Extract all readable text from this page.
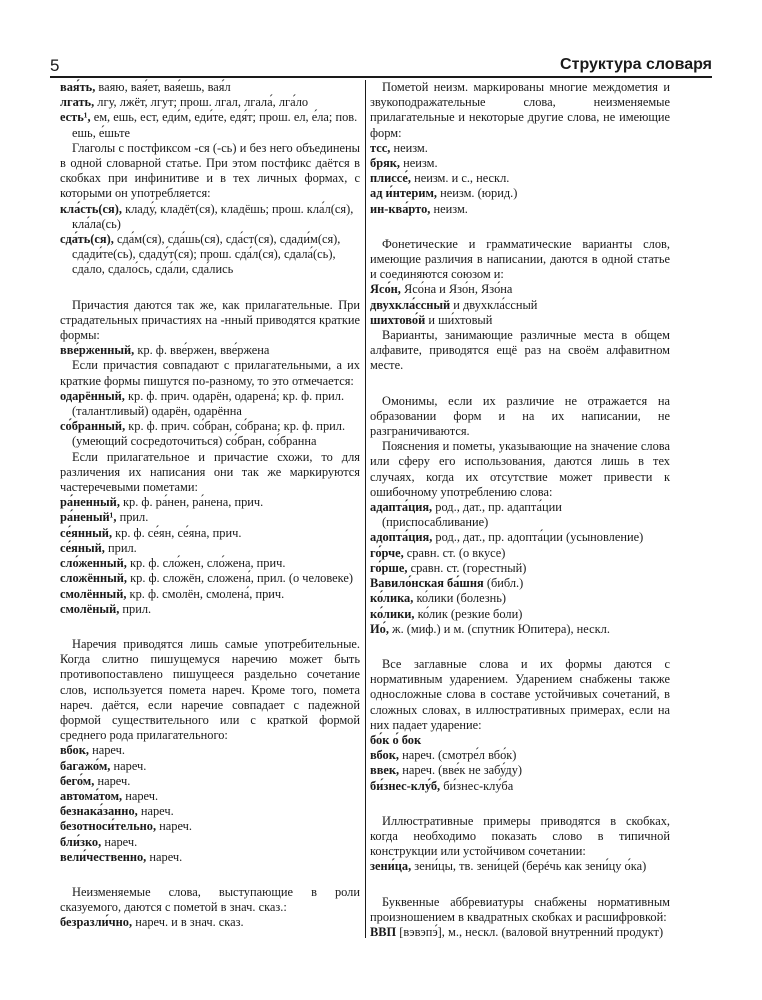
5	Структура словаря
вая́ть, ваяю, вая́ет, вая́ешь, вая́л
лгать, лгу, лжёт, лгут; прош. лгал, лгала́, лга́ло
есть¹, ем, ешь, ест, еди́м, еди́те, едя́т; прош. ел, е́ла; пов. ешь, е́шьте

Глаголы с постфиксом -ся (-сь) и без него объединены в одной словарной статье. При этом постфикс даётся в скобках при инфинитиве и в тех личных формах, с которыми он употребляется:

кла́сть(ся), кладу́, кладёт(ся), кладёшь; прош. кла́л(ся), кла́ла(сь)
сда́ть(ся), сда́м(ся), сда́шь(ся), сда́ст(ся), сдади́м(ся), сдади́те(сь), сдаду́т(ся); прош. сда́л(ся), сдала́(сь), сда́ло, сдало́сь, сда́ли, сда́лись

Причастия даются так же, как прилагательные. При страдательных причастиях на -нный приводятся краткие формы:

вве́рженный, кр. ф. вве́ржен, вве́ржена

Если причастия совпадают с прилагательными, а их краткие формы пишутся по-разному, то это отмечается:

одарённый, кр. ф. прич. одарён, одарена́; кр. ф. прил. (талантливый) одарён, одарённа
со́бранный, кр. ф. прич. со́бран, со́брана; кр. ф. прил. (умеющий сосредоточиться) со́бран, со́бранна

Если прилагательное и причастие схожи, то для различения их написания они так же маркируются частеречевыми пометами:

ра́ненный, кр. ф. ра́нен, ра́нена, прич.
ра́неный¹, прил.
се́янный, кр. ф. се́ян, се́яна, прич.
се́яный, прил.
сло́женный, кр. ф. сло́жен, сло́жена, прич.
сложённый, кр. ф. сложён, сложена́, прил. (о человеке)
смолённый, кр. ф. смолён, смолена́, прич.
смолёный, прил.

Наречия приводятся лишь самые употребительные. Когда слитно пишущемуся наречию может быть противопоставлено пишущееся раздельно сочетание слов, используется помета нареч. Кроме того, помета нареч. даётся, если наречие совпадает с падежной формой существительного или с краткой формой среднего рода прилагательного:

вбок, нареч.
багажо́м, нареч.
бего́м, нареч.
автома́том, нареч.
безнака́занно, нареч.
безотноси́тельно, нареч.
бли́зко, нареч.
вели́чественно, нареч.

Неизменяемые слова, выступающие в роли сказуемого, даются с пометой в знач. сказ.:

безразли́чно, нареч. и в знач. сказ.

Пометой неизм. маркированы многие междометия и звукоподражательные слова, неизменяемые прилагательные и некоторые другие слова, не имеющие форм:

тсс, неизм.
бряк, неизм.
плиссе́, неизм. и с., нескл.
ад и́нтерим, неизм. (юрид.)
ин-ква́рто, неизм.

Фонетические и грамматические варианты слов, имеющие различия в написании, даются в одной статье и соединяются союзом и:

Ясо́н, Ясо́на и Язо́н, Язо́на
двухкла́ссный и двухкла́сcный
шихтово́й и ши́хтовый

Варианты, занимающие различные места в общем алфавите, приводятся ещё раз на своём алфавитном месте.

Омонимы, если их различие не отражается на образовании форм и на их написании, не разграничиваются.

Пояснения и пометы, указывающие на значение слова или сферу его использования, даются лишь в тех случаях, когда их отсутствие может привести к ошибочному употреблению слова:

адапта́ция, род., дат., пр. адапта́ции (приспосабливание)
адопта́ция, род., дат., пр. адопта́ции (усыновление)
го́рче, сравн. ст. (о вкусе)
го́рше, сравн. ст. (горестный)
Вавило́нская ба́шня (библ.)
ко́лика, ко́лики (болезнь)
ко́лики, ко́лик (резкие боли)
Ио́, ж. (миф.) и м. (спутник Юпитера), нескл.

Все заглавные слова и их формы даются с нормативным ударением. Ударением снабжены также односложные слова в составе устойчивых сочетаний, в сложных словах, в иллюстративных примерах, если на них падает ударение:

бо́к о́ бок
вбок, нареч. (смотре́л вбо́к)
ввек, нареч. (вве́к не забу́ду)
би́знес-клу́б, би́знес-клу́ба

Иллюстративные примеры приводятся в скобках, когда необходимо показать слово в типичной конструкции или устойчивом сочетании:

зени́ца, зени́цы, тв. зени́цей (берéчь как зени́цу о́ка)

Буквенные аббревиатуры снабжены нормативным произношением в квадратных скобках и расшифровкой:

ВВП [вэвэпэ́], м., нескл. (валовой внутренний продукт)
